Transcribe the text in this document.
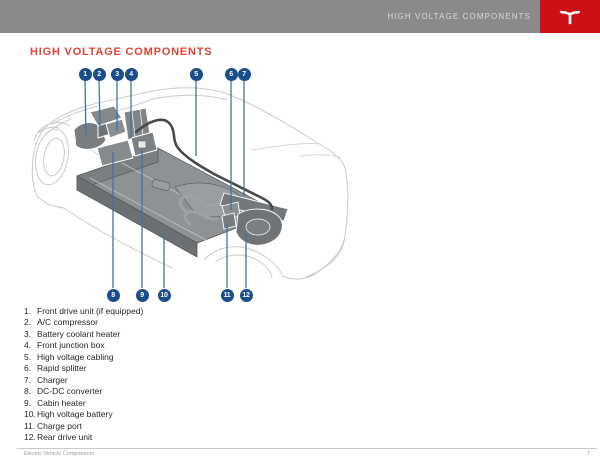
HIGH VOLTAGE COMPONENTS
HIGH VOLTAGE COMPONENTS
1	2	3	4	5	6	7
8	9	10	11	12
1. Front drive unit (if equipped)
2. A/C compressor
3. Battery coolant heater
4. Front junction box
5. High voltage cabling
6. Rapid splitter
7. Charger
8. DC-DC converter
9. Cabin heater
10. High voltage battery
11. Charge port
12. Rear drive unit
Electric Vehicle Components	7
